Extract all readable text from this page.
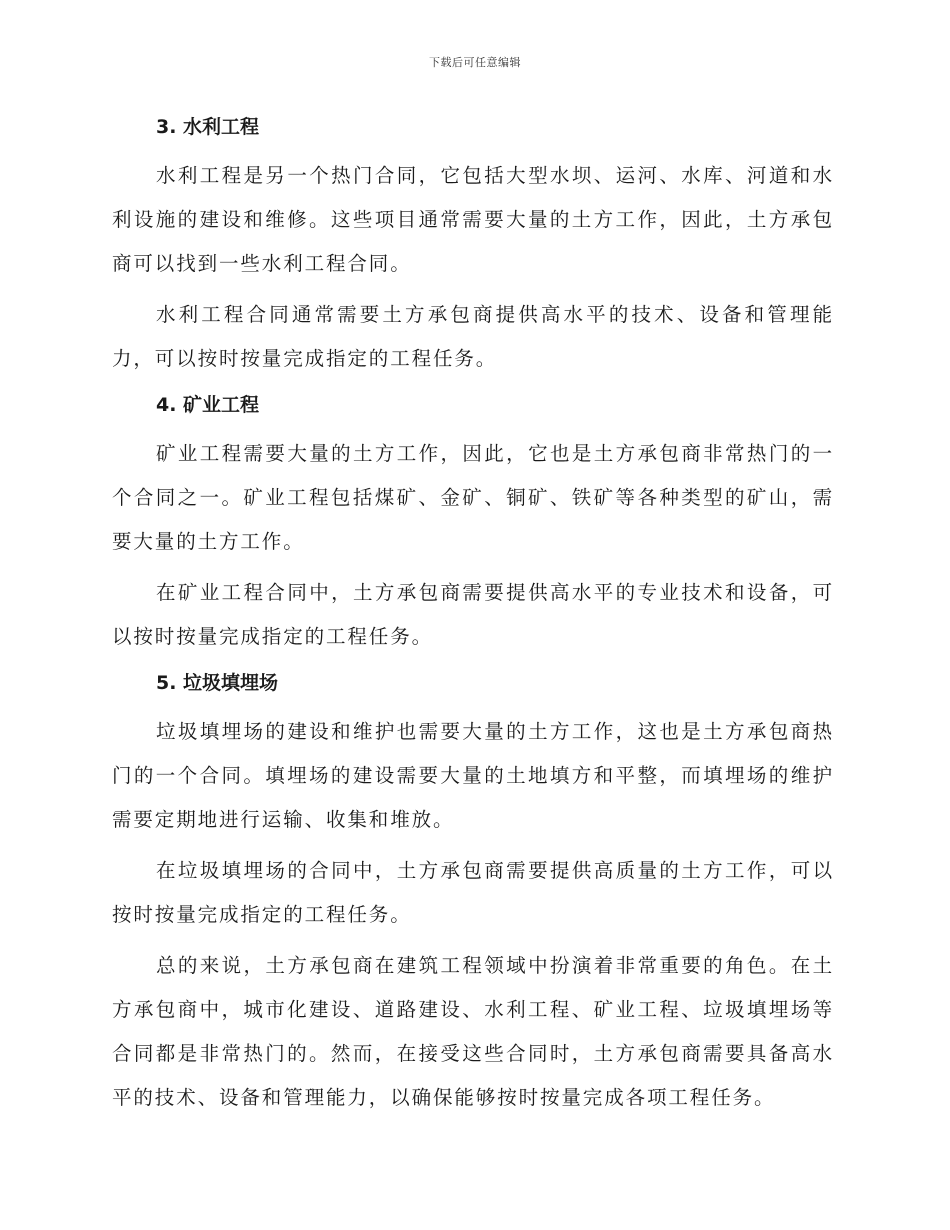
下载后可任意编辑
3. 水利工程

水利工程是另一个热门合同，它包括大型水坝、运河、水库、河道和水利设施的建设和维修。这些项目通常需要大量的土方工作，因此，土方承包商可以找到一些水利工程合同。

水利工程合同通常需要土方承包商提供高水平的技术、设备和管理能力，可以按时按量完成指定的工程任务。

4. 矿业工程

矿业工程需要大量的土方工作，因此，它也是土方承包商非常热门的一个合同之一。矿业工程包括煤矿、金矿、铜矿、铁矿等各种类型的矿山，需要大量的土方工作。

在矿业工程合同中，土方承包商需要提供高水平的专业技术和设备，可以按时按量完成指定的工程任务。

5. 垃圾填埋场

垃圾填埋场的建设和维护也需要大量的土方工作，这也是土方承包商热门的一个合同。填埋场的建设需要大量的土地填方和平整，而填埋场的维护需要定期地进行运输、收集和堆放。

在垃圾填埋场的合同中，土方承包商需要提供高质量的土方工作，可以按时按量完成指定的工程任务。

总的来说，土方承包商在建筑工程领域中扮演着非常重要的角色。在土方承包商中，城市化建设、道路建设、水利工程、矿业工程、垃圾填埋场等合同都是非常热门的。然而，在接受这些合同时，土方承包商需要具备高水平的技术、设备和管理能力，以确保能够按时按量完成各项工程任务。
